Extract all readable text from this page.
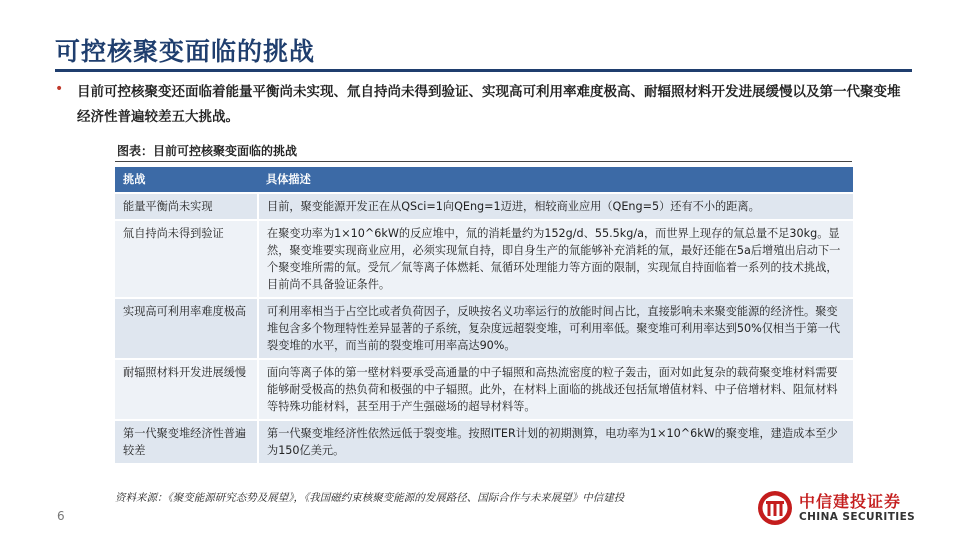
可控核聚变面临的挑战
• 目前可控核聚变还面临着能量平衡尚未实现、氚自持尚未得到验证、实现高可利用率难度极高、耐辐照材料开发进展缓慢以及第一代聚变堆经济性普遍较差五大挑战。
图表：目前可控核聚变面临的挑战
挑战	具体描述
能量平衡尚未实现	目前，聚变能源开发正在从QSci=1向QEng=1迈进，相较商业应用（QEng=5）还有不小的距离。
氚自持尚未得到验证	在聚变功率为1×10^6kW的反应堆中，氚的消耗量约为152g/d、55.5kg/a，而世界上现存的氚总量不足30kg。显然，聚变堆要实现商业应用，必须实现氚自持，即自身生产的氚能够补充消耗的氚，最好还能在5a后增殖出启动下一个聚变堆所需的氚。受氘／氚等离子体燃耗、氚循环处理能力等方面的限制，实现氚自持面临着一系列的技术挑战，目前尚不具备验证条件。
实现高可利用率难度极高	可利用率相当于占空比或者负荷因子，反映按名义功率运行的放能时间占比，直接影响未来聚变能源的经济性。聚变堆包含多个物理特性差异显著的子系统，复杂度远超裂变堆，可利用率低。聚变堆可利用率达到50%仅相当于第一代裂变堆的水平，而当前的裂变堆可用率高达90%。
耐辐照材料开发进展缓慢	面向等离子体的第一壁材料要承受高通量的中子辐照和高热流密度的粒子轰击，面对如此复杂的载荷聚变堆材料需要能够耐受极高的热负荷和极强的中子辐照。此外，在材料上面临的挑战还包括氚增值材料、中子倍增材料、阻氚材料等特殊功能材料，甚至用于产生强磁场的超导材料等。
第一代聚变堆经济性普遍较差	第一代聚变堆经济性依然远低于裂变堆。按照ITER计划的初期测算，电功率为1×10^6kW的聚变堆，建造成本至少为150亿美元。
资料来源：《聚变能源研究态势及展望》，《我国磁约束核聚变能源的发展路径、国际合作与未来展望》中信建投
6
中信建投证券
CHINA SECURITIES
